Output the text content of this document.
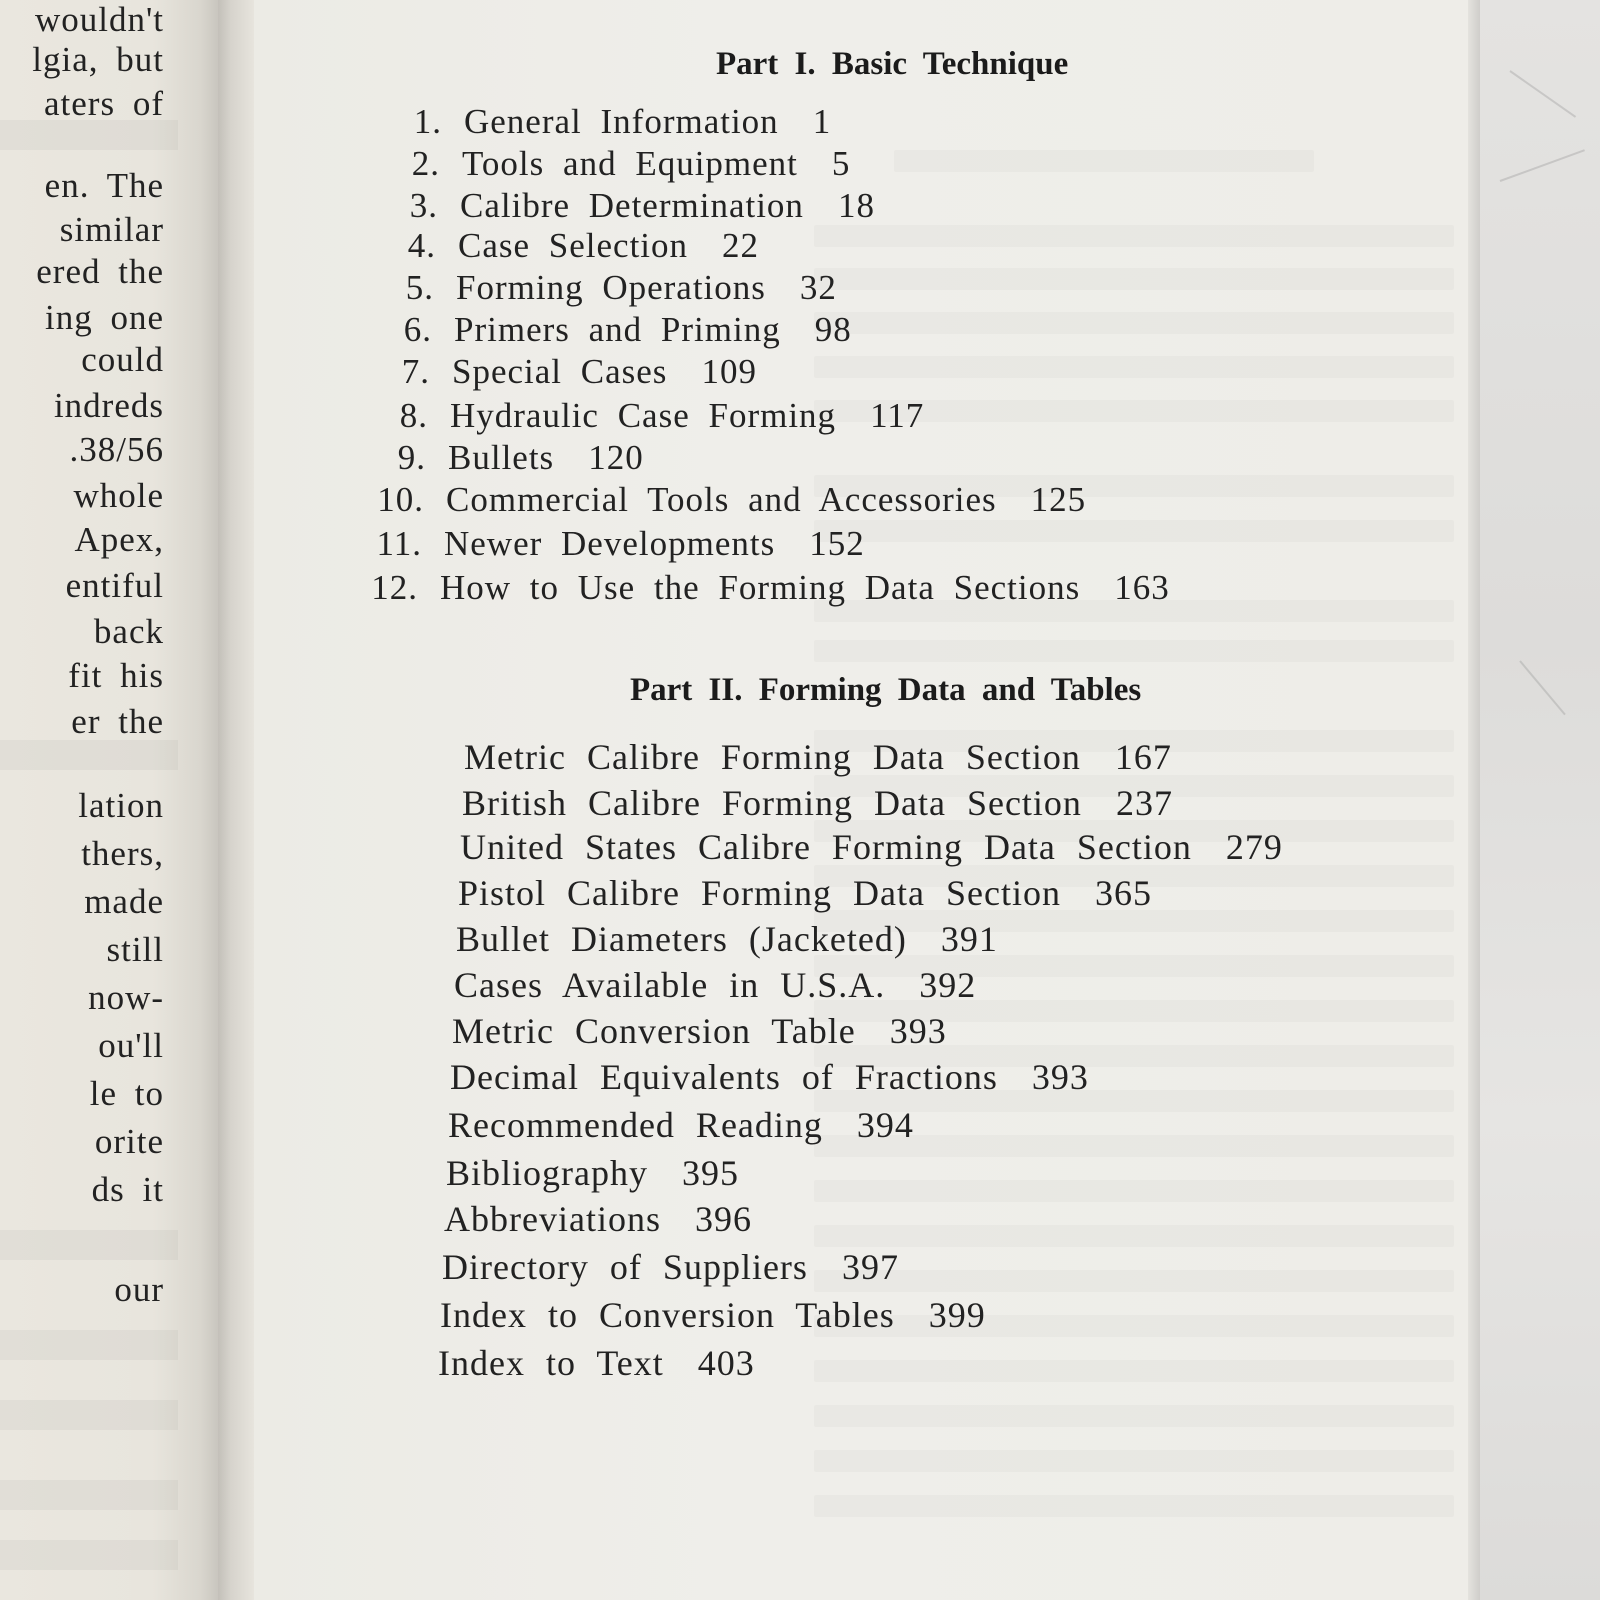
wouldn't
lgia, but
aters of
en. The
similar
ered the
ing one
could
indreds
.38/56
whole
Apex,
entiful
back
fit his
er the
lation
thers,
made
still
now-
ou'll
le to
orite
ds it
our
Part I. Basic Technique
1. General Information 1
2. Tools and Equipment 5
3. Calibre Determination 18
4. Case Selection 22
5. Forming Operations 32
6. Primers and Priming 98
7. Special Cases 109
8. Hydraulic Case Forming 117
9. Bullets 120
10. Commercial Tools and Accessories 125
11. Newer Developments 152
12. How to Use the Forming Data Sections 163
Part II. Forming Data and Tables
Metric Calibre Forming Data Section 167
British Calibre Forming Data Section 237
United States Calibre Forming Data Section 279
Pistol Calibre Forming Data Section 365
Bullet Diameters (Jacketed) 391
Cases Available in U.S.A. 392
Metric Conversion Table 393
Decimal Equivalents of Fractions 393
Recommended Reading 394
Bibliography 395
Abbreviations 396
Directory of Suppliers 397
Index to Conversion Tables 399
Index to Text 403
